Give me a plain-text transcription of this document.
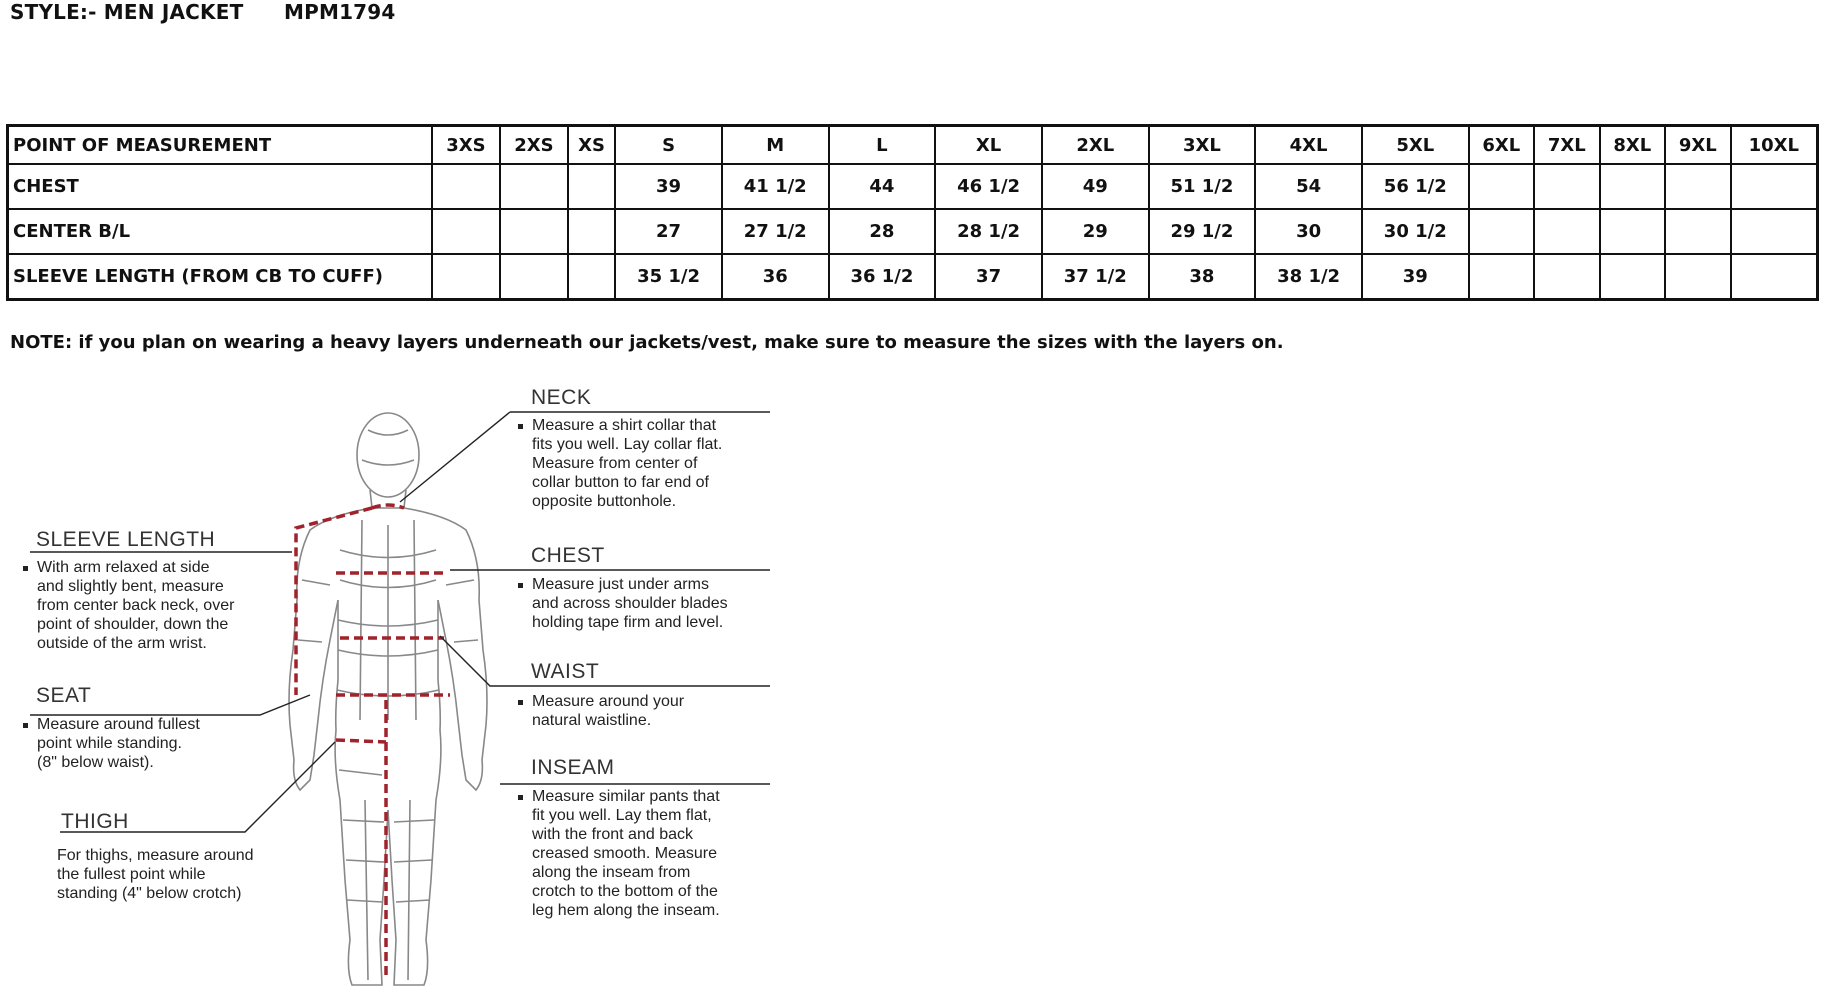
STYLE:- MEN JACKET	MPM1794
POINT OF MEASUREMENT	3XS	2XS	XS	S	M	L	XL	2XL	3XL	4XL	5XL	6XL	7XL	8XL	9XL	10XL
CHEST				39	41 1/2	44	46 1/2	49	51 1/2	54	56 1/2					
CENTER B/L				27	27 1/2	28	28 1/2	29	29 1/2	30	30 1/2					
SLEEVE LENGTH (FROM CB TO CUFF)				35 1/2	36	36 1/2	37	37 1/2	38	38 1/2	39					
NOTE: if you plan on wearing a heavy layers underneath our jackets/vest, make sure to measure the sizes with the layers on.
NECK
Measure a shirt collar that
fits you well. Lay collar flat.
Measure from center of
collar button to far end of
opposite buttonhole.
CHEST
Measure just under arms
and across shoulder blades
holding tape firm and level.
WAIST
Measure around your
natural waistline.
INSEAM
Measure similar pants that
fit you well. Lay them flat,
with the front and back
creased smooth. Measure
along the inseam from
crotch to the bottom of the
leg hem along the inseam.
SLEEVE LENGTH
With arm relaxed at side
and slightly bent, measure
from center back neck, over
point of shoulder, down the
outside of the arm wrist.
SEAT
Measure around fullest
point while standing.
(8" below waist).
THIGH
For thighs, measure around
the fullest point while
standing (4" below crotch)
